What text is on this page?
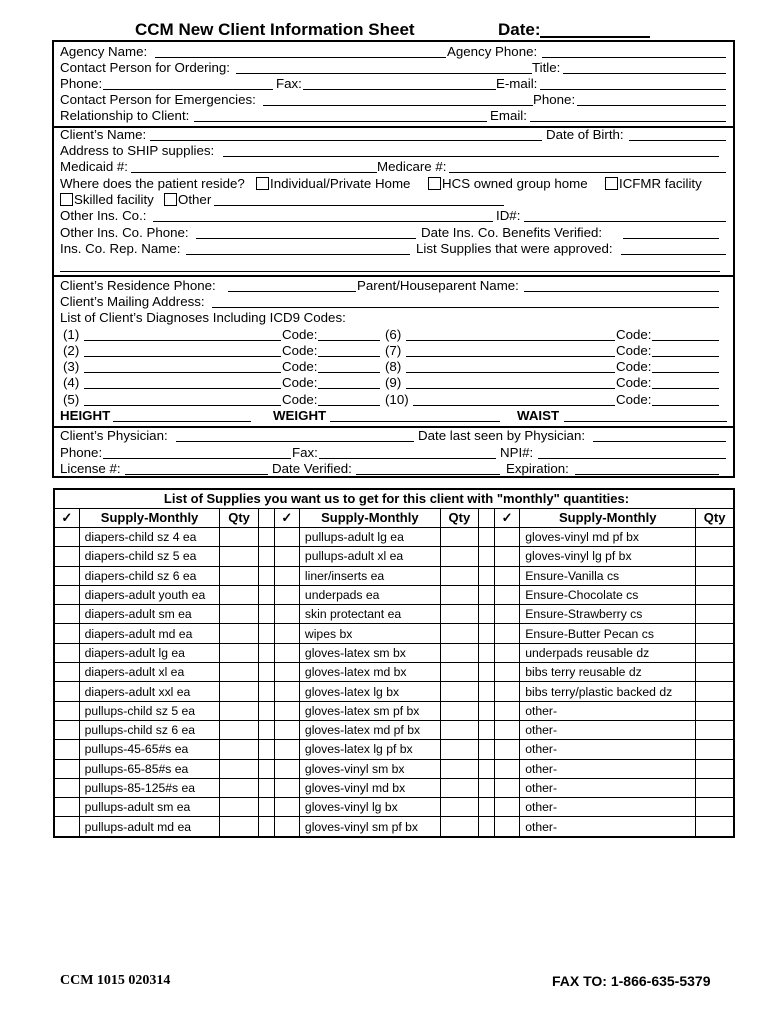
CCM New Client Information Sheet	Date:
Agency Name:	Agency Phone:
Contact Person for Ordering:	Title:
Phone:	Fax:	E-mail:
Contact Person for Emergencies:	Phone:
Relationship to Client:	Email:
Client’s Name:	Date of Birth:
Address to SHIP supplies:
Medicaid #:	Medicare #:
Where does the patient reside?	Individual/Private Home	HCS owned group home	ICFMR facility
Skilled facility	Other
Other Ins. Co.:	ID#:
Other Ins. Co. Phone:	Date Ins. Co. Benefits Verified:
Ins. Co. Rep. Name:	List Supplies that were approved:
Client’s Residence Phone:	Parent/Houseparent Name:
Client’s Mailing Address:
List of Client’s Diagnoses Including ICD9 Codes:
(1)	Code:	(6)	Code:
(2)	Code:	(7)	Code:
(3)	Code:	(8)	Code:
(4)	Code:	(9)	Code:
(5)	Code:	(10)	Code:
HEIGHT	WEIGHT	WAIST
Client’s Physician:	Date last seen by Physician:
Phone:	Fax:	NPI#:
License #:	Date Verified:	Expiration:
List of Supplies you want us to get for this client with "monthly" quantities:										
✓	Supply-Monthly	Qty		✓	Supply-Monthly	Qty		✓	Supply-Monthly	Qty
	diapers-child sz 4 ea				pullups-adult lg ea				gloves-vinyl md pf bx	
	diapers-child sz 5 ea				pullups-adult xl ea				gloves-vinyl lg pf bx	
	diapers-child sz 6 ea				liner/inserts ea				Ensure-Vanilla cs	
	diapers-adult youth ea				underpads ea				Ensure-Chocolate cs	
	diapers-adult sm ea				skin protectant ea				Ensure-Strawberry cs	
	diapers-adult md ea				wipes bx				Ensure-Butter Pecan cs	
	diapers-adult lg ea				gloves-latex sm bx				underpads reusable dz	
	diapers-adult xl ea				gloves-latex md bx				bibs terry reusable dz	
	diapers-adult xxl ea				gloves-latex lg bx				bibs terry/plastic backed dz	
	pullups-child sz 5 ea				gloves-latex sm pf bx				other-	
	pullups-child sz 6 ea				gloves-latex md pf bx				other-	
	pullups-45-65#s ea				gloves-latex lg pf bx				other-	
	pullups-65-85#s ea				gloves-vinyl sm bx				other-	
	pullups-85-125#s ea				gloves-vinyl md bx				other-	
	pullups-adult sm ea				gloves-vinyl lg bx				other-	
	pullups-adult md ea				gloves-vinyl sm pf bx				other-	
CCM 1015 020314	FAX TO: 1-866-635-5379
